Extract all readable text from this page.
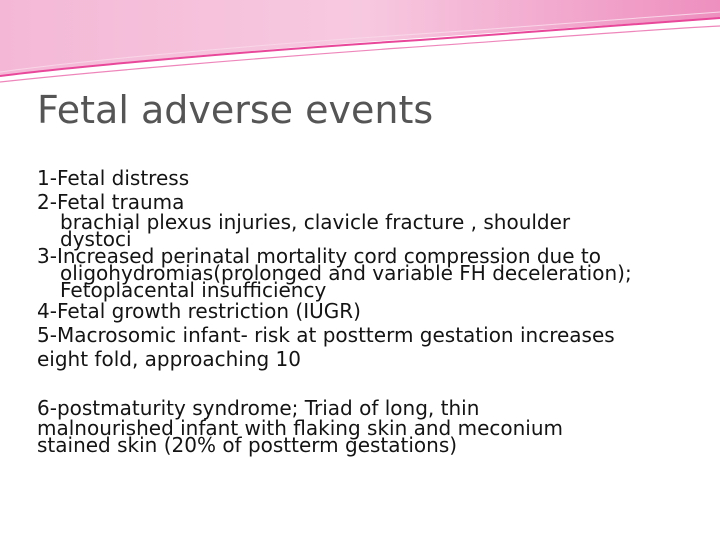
Fetal adverse events

1-Fetal distress

2-Fetal trauma

brachial plexus injuries, clavicle fracture , shoulder

dystoci

3-Increased perinatal mortality cord compression due to

oligohydromias(prolonged and variable FH deceleration);

Fetoplacental insufficiency

4-Fetal growth restriction (IUGR)

5-Macrosomic infant- risk at postterm gestation increases

eight fold, approaching 10

6-postmaturity syndrome; Triad of long, thin

malnourished infant with flaking skin and meconium

stained skin (20% of postterm gestations)
